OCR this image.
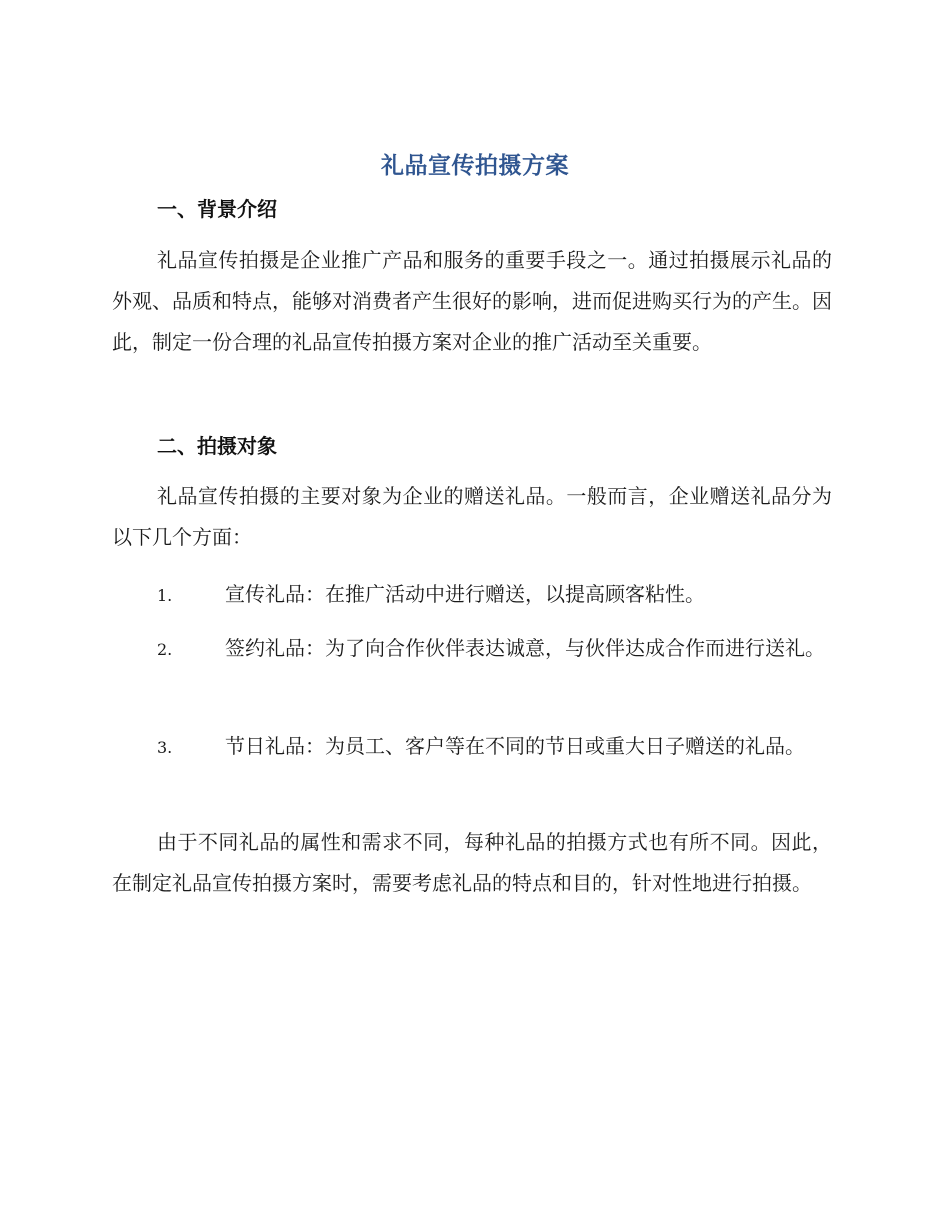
礼品宣传拍摄方案
一、背景介绍
礼品宣传拍摄是企业推广产品和服务的重要手段之一。通过拍摄展示礼品的外观、品质和特点，能够对消费者产生很好的影响，进而促进购买行为的产生。因此，制定一份合理的礼品宣传拍摄方案对企业的推广活动至关重要。
二、拍摄对象
礼品宣传拍摄的主要对象为企业的赠送礼品。一般而言，企业赠送礼品分为以下几个方面：
1.	宣传礼品：在推广活动中进行赠送，以提高顾客粘性。
2.	签约礼品：为了向合作伙伴表达诚意，与伙伴达成合作而进行送礼。
3.	节日礼品：为员工、客户等在不同的节日或重大日子赠送的礼品。
由于不同礼品的属性和需求不同，每种礼品的拍摄方式也有所不同。因此，在制定礼品宣传拍摄方案时，需要考虑礼品的特点和目的，针对性地进行拍摄。
